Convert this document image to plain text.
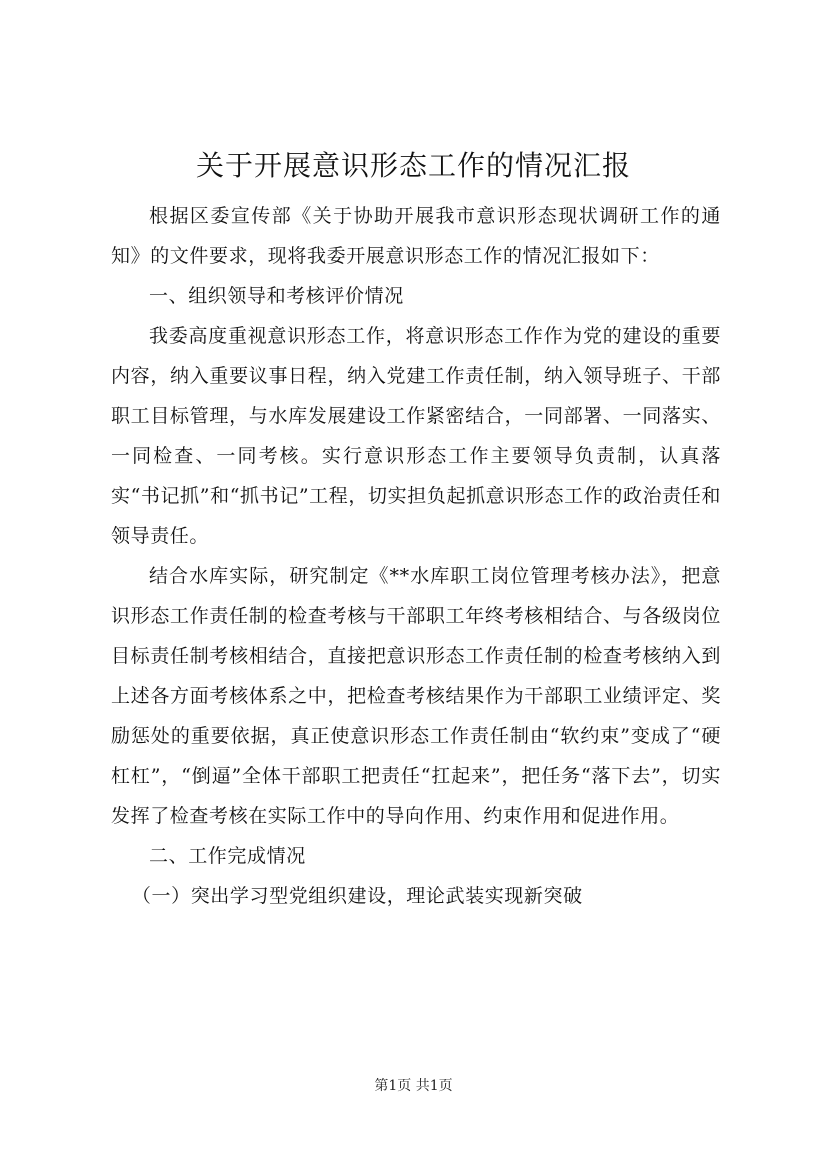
关于开展意识形态工作的情况汇报

根据区委宣传部《关于协助开展我市意识形态现状调研工作的通知》的文件要求，现将我委开展意识形态工作的情况汇报如下：

一、组织领导和考核评价情况

我委高度重视意识形态工作，将意识形态工作作为党的建设的重要内容，纳入重要议事日程，纳入党建工作责任制，纳入领导班子、干部职工目标管理，与水库发展建设工作紧密结合，一同部署、一同落实、一同检查、一同考核。实行意识形态工作主要领导负责制，认真落实“书记抓”和“抓书记”工程，切实担负起抓意识形态工作的政治责任和领导责任。

结合水库实际，研究制定《**水库职工岗位管理考核办法》，把意识形态工作责任制的检查考核与干部职工年终考核相结合、与各级岗位目标责任制考核相结合，直接把意识形态工作责任制的检查考核纳入到上述各方面考核体系之中，把检查考核结果作为干部职工业绩评定、奖励惩处的重要依据，真正使意识形态工作责任制由“软约束”变成了“硬杠杠”，“倒逼”全体干部职工把责任“扛起来”，把任务“落下去”，切实发挥了检查考核在实际工作中的导向作用、约束作用和促进作用。

二、工作完成情况

（一）突出学习型党组织建设，理论武装实现新突破

第1页 共1页
